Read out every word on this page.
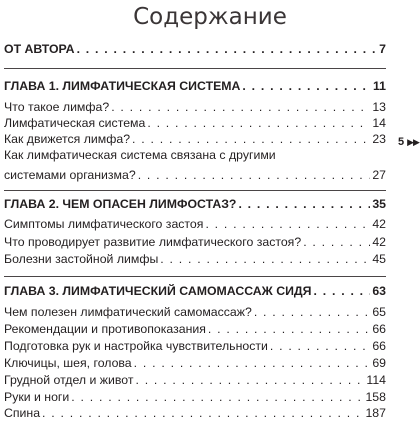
Содержание
ОТ АВТОРА . . .	7
ГЛАВА 1. ЛИМФАТИЧЕСКАЯ СИСТЕМА . . .	11
Что такое лимфа? . . .	13
Лимфатическая система . . .	14
Как движется лимфа? . . .	23
Как лимфатическая система связана с другими
системами организма? . . .	27
ГЛАВА 2. ЧЕМ ОПАСЕН ЛИМФОСТАЗ? . . .	35
Симптомы лимфатического застоя . . .	42
Что проводирует развитие лимфатического застоя? . . .	42
Болезни застойной лимфы . . .	45
ГЛАВА 3. ЛИМФАТИЧЕСКИЙ САМОМАССАЖ СИДЯ . . .	63
Чем полезен лимфатический самомассаж? . . .	65
Рекомендации и противопоказания . . .	66
Подготовка рук и настройка чувствительности . . .	66
Ключицы, шея, голова . . .	69
Грудной отдел и живот . . .	114
Руки и ноги . . .	158
Спина . . .	187
5 ▶▶
